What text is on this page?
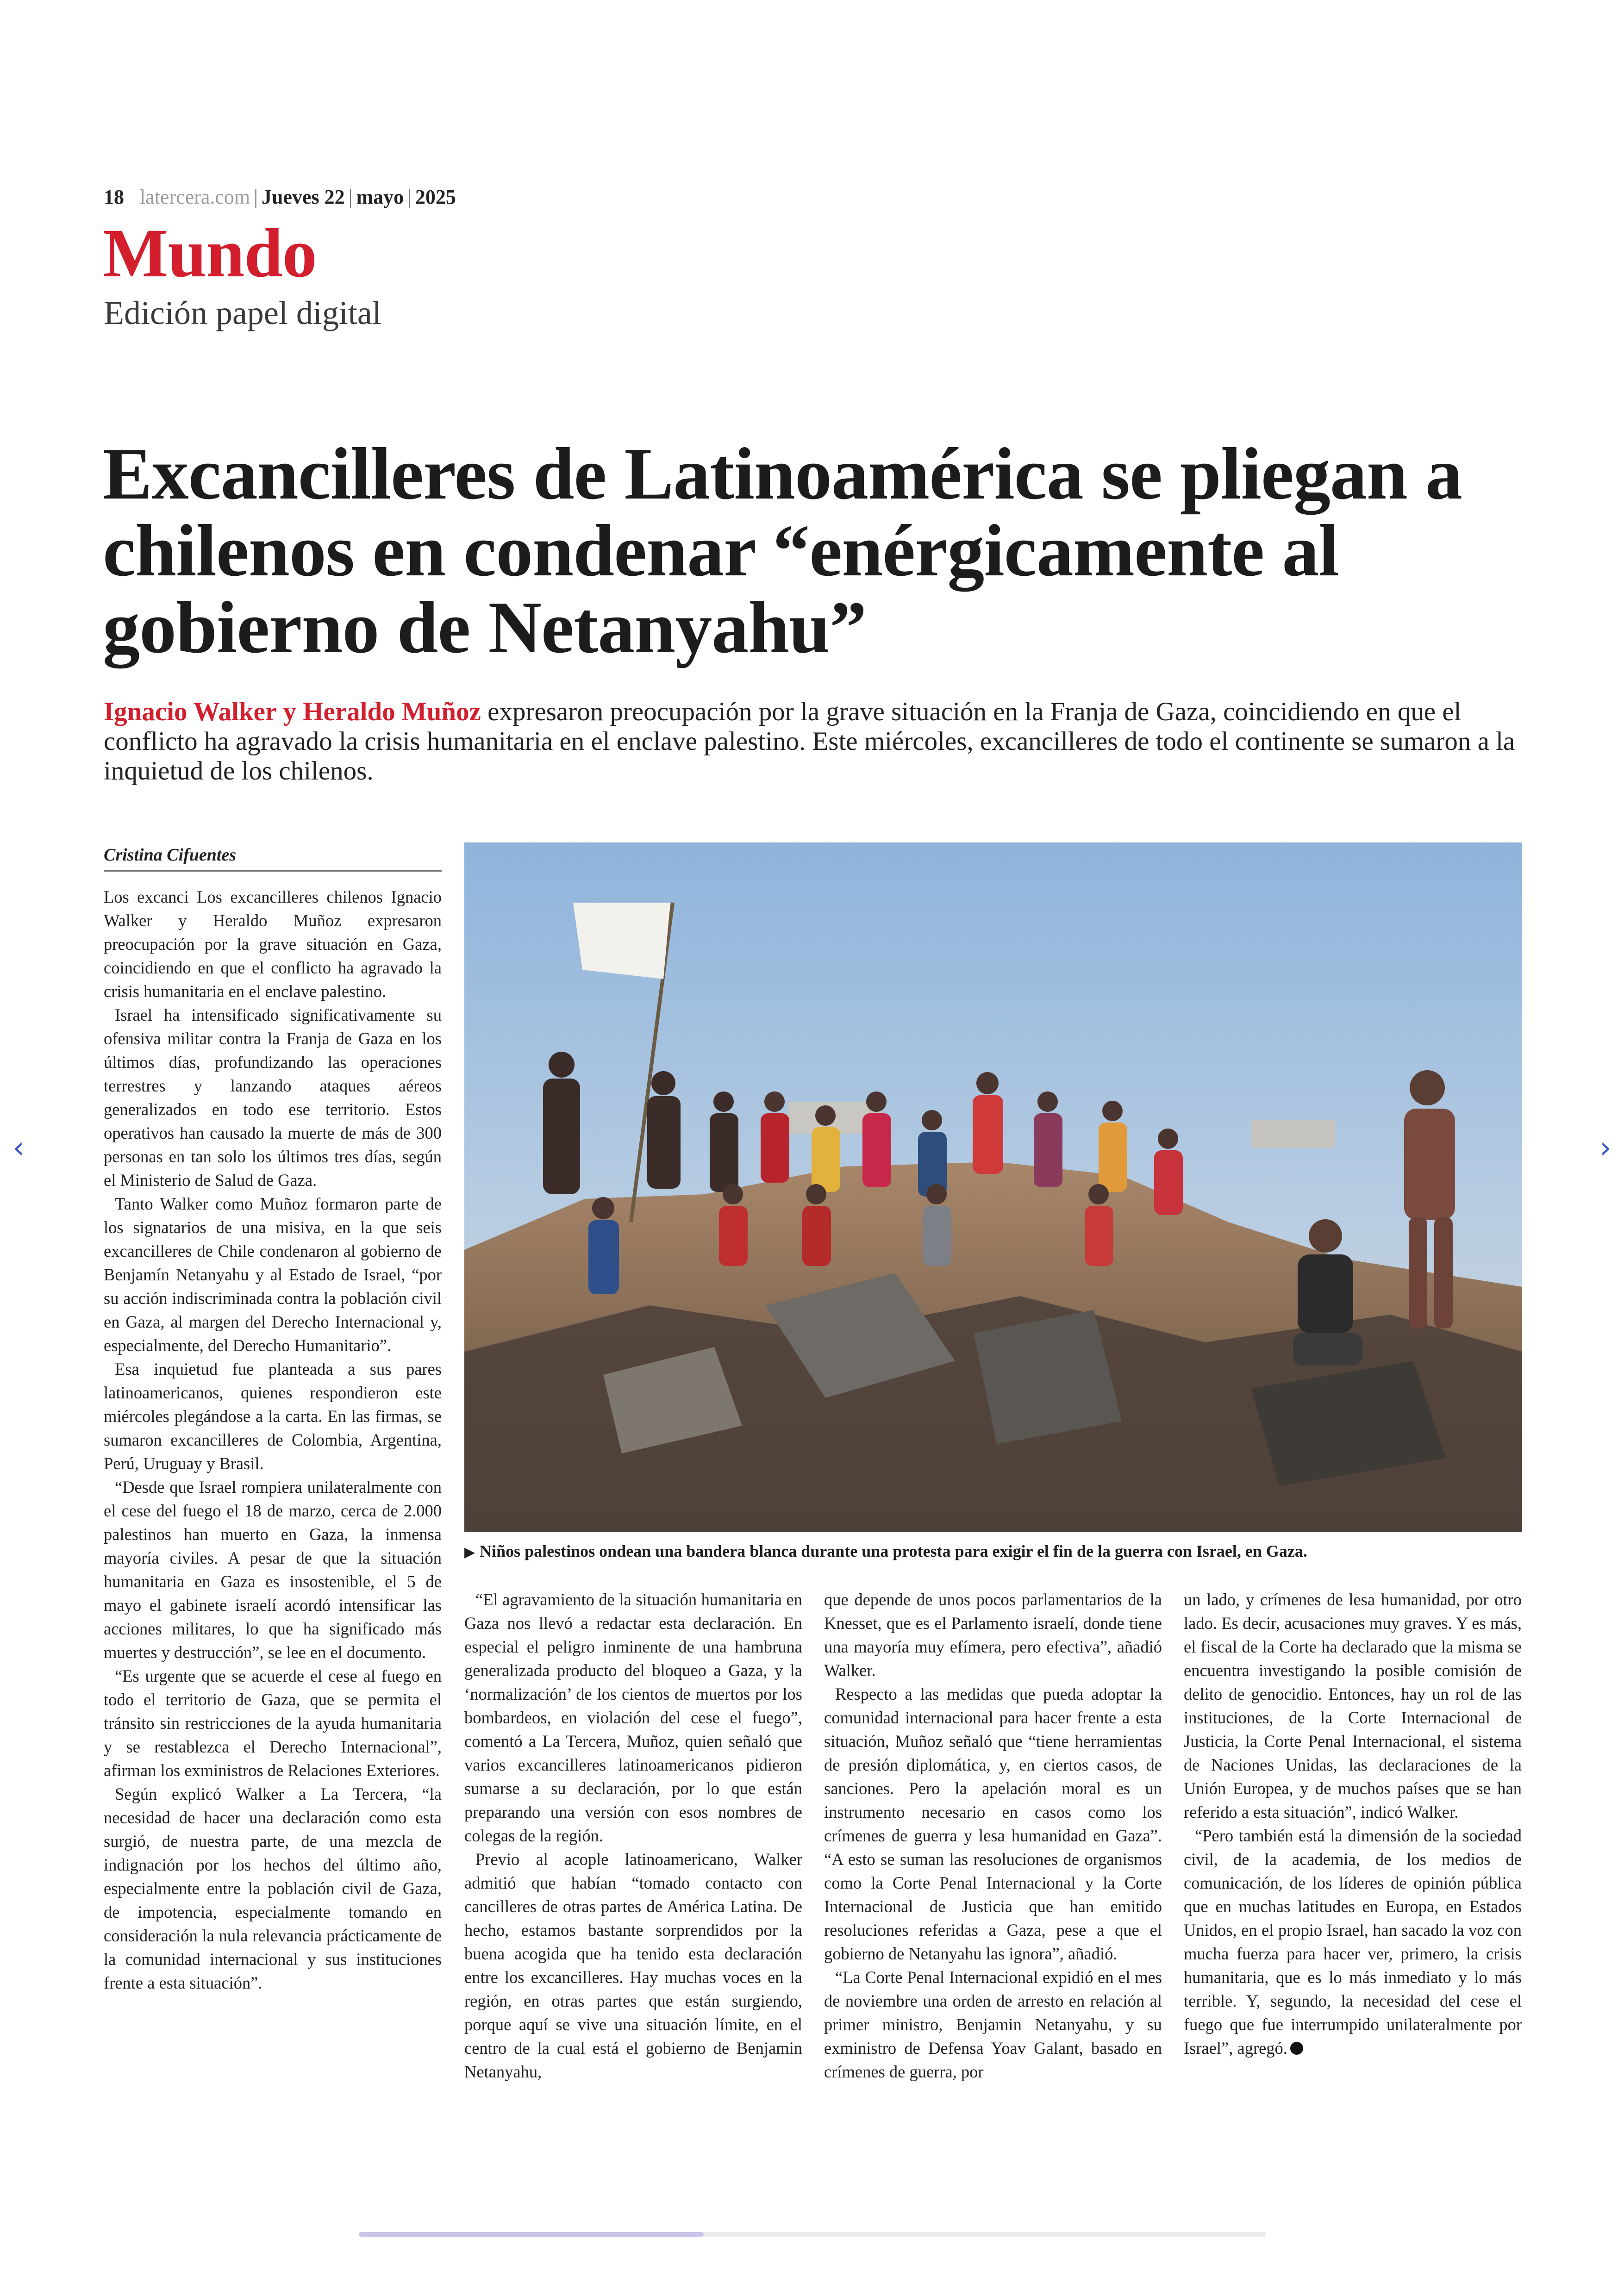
18 latercera.com | Jueves 22 | mayo | 2025
Mundo
Edición papel digital
Excancilleres de Latinoamérica se pliegan a chilenos en condenar “enérgicamente al gobierno de Netanyahu”

Ignacio Walker y Heraldo Muñoz expresaron preocupación por la grave situación en la Franja de Gaza, coincidiendo en que el conflicto ha agravado la crisis humanitaria en el enclave palestino. Este miércoles, excancilleres de todo el continente se sumaron a la inquietud de los chilenos.

Cristina Cifuentes

Los excanci Los excancilleres chilenos Ignacio Walker y Heraldo Muñoz expresaron preocupación por la grave situación en Gaza, coincidiendo en que el conflicto ha agravado la crisis humanitaria en el enclave palestino.

Israel ha intensificado significativamente su ofensiva militar contra la Franja de Gaza en los últimos días, profundizando las operaciones terrestres y lanzando ataques aéreos generalizados en todo ese territorio. Estos operativos han causado la muerte de más de 300 personas en tan solo los últimos tres días, según el Ministerio de Salud de Gaza.

Tanto Walker como Muñoz formaron parte de los signatarios de una misiva, en la que seis excancilleres de Chile condenaron al gobierno de Benjamín Netanyahu y al Estado de Israel, “por su acción indiscriminada contra la población civil en Gaza, al margen del Derecho Internacional y, especialmente, del Derecho Humanitario”.

Esa inquietud fue planteada a sus pares latinoamericanos, quienes respondieron este miércoles plegándose a la carta. En las firmas, se sumaron excancilleres de Colombia, Argentina, Perú, Uruguay y Brasil.

“Desde que Israel rompiera unilateralmente con el cese del fuego el 18 de marzo, cerca de 2.000 palestinos han muerto en Gaza, la inmensa mayoría civiles. A pesar de que la situación humanitaria en Gaza es insostenible, el 5 de mayo el gabinete israelí acordó intensificar las acciones militares, lo que ha significado más muertes y destrucción”, se lee en el documento.

“Es urgente que se acuerde el cese al fuego en todo el territorio de Gaza, que se permita el tránsito sin restricciones de la ayuda humanitaria y se restablezca el Derecho Internacional”, afirman los exministros de Relaciones Exteriores.

Según explicó Walker a La Tercera, “la necesidad de hacer una declaración como esta surgió, de nuestra parte, de una mezcla de indignación por los hechos del último año, especialmente entre la población civil de Gaza, de impotencia, especialmente tomando en consideración la nula relevancia prácticamente de la comunidad internacional y sus instituciones frente a esta situación”.

“El agravamiento de la situación humanitaria en Gaza nos llevó a redactar esta declaración. En especial el peligro inminente de una hambruna generalizada producto del bloqueo a Gaza, y la ‘normalización’ de los cientos de muertos por los bombardeos, en violación del cese el fuego”, comentó a La Tercera, Muñoz, quien señaló que varios excancilleres latinoamericanos pidieron sumarse a su declaración, por lo que están preparando una versión con esos nombres de colegas de la región.

Previo al acople latinoamericano, Walker admitió que habían “tomado contacto con cancilleres de otras partes de América Latina. De hecho, estamos bastante sorprendidos por la buena acogida que ha tenido esta declaración entre los excancilleres. Hay muchas voces en la región, en otras partes que están surgiendo, porque aquí se vive una situación límite, en el centro de la cual está el gobierno de Benjamin Netanyahu,

que depende de unos pocos parlamentarios de la Knesset, que es el Parlamento israelí, donde tiene una mayoría muy efímera, pero efectiva”, añadió Walker.

Respecto a las medidas que pueda adoptar la comunidad internacional para hacer frente a esta situación, Muñoz señaló que “tiene herramientas de presión diplomática, y, en ciertos casos, de sanciones. Pero la apelación moral es un instrumento necesario en casos como los crímenes de guerra y lesa humanidad en Gaza”. “A esto se suman las resoluciones de organismos como la Corte Penal Internacional y la Corte Internacional de Justicia que han emitido resoluciones referidas a Gaza, pese a que el gobierno de Netanyahu las ignora”, añadió.

“La Corte Penal Internacional expidió en el mes de noviembre una orden de arresto en relación al primer ministro, Benjamin Netanyahu, y su exministro de Defensa Yoav Galant, basado en crímenes de guerra, por

un lado, y crímenes de lesa humanidad, por otro lado. Es decir, acusaciones muy graves. Y es más, el fiscal de la Corte ha declarado que la misma se encuentra investigando la posible comisión de delito de genocidio. Entonces, hay un rol de las instituciones, de la Corte Internacional de Justicia, la Corte Penal Internacional, el sistema de Naciones Unidas, las declaraciones de la Unión Europea, y de muchos países que se han referido a esta situación”, indicó Walker.

“Pero también está la dimensión de la sociedad civil, de la academia, de los medios de comunicación, de los líderes de opinión pública que en muchas latitudes en Europa, en Estados Unidos, en el propio Israel, han sacado la voz con mucha fuerza para hacer ver, primero, la crisis humanitaria, que es lo más inmediato y lo más terrible. Y, segundo, la necesidad del cese el fuego que fue interrumpido unilateralmente por Israel”, agregó.

▶ Niños palestinos ondean una bandera blanca durante una protesta para exigir el fin de la guerra con Israel, en Gaza.
‹	›
